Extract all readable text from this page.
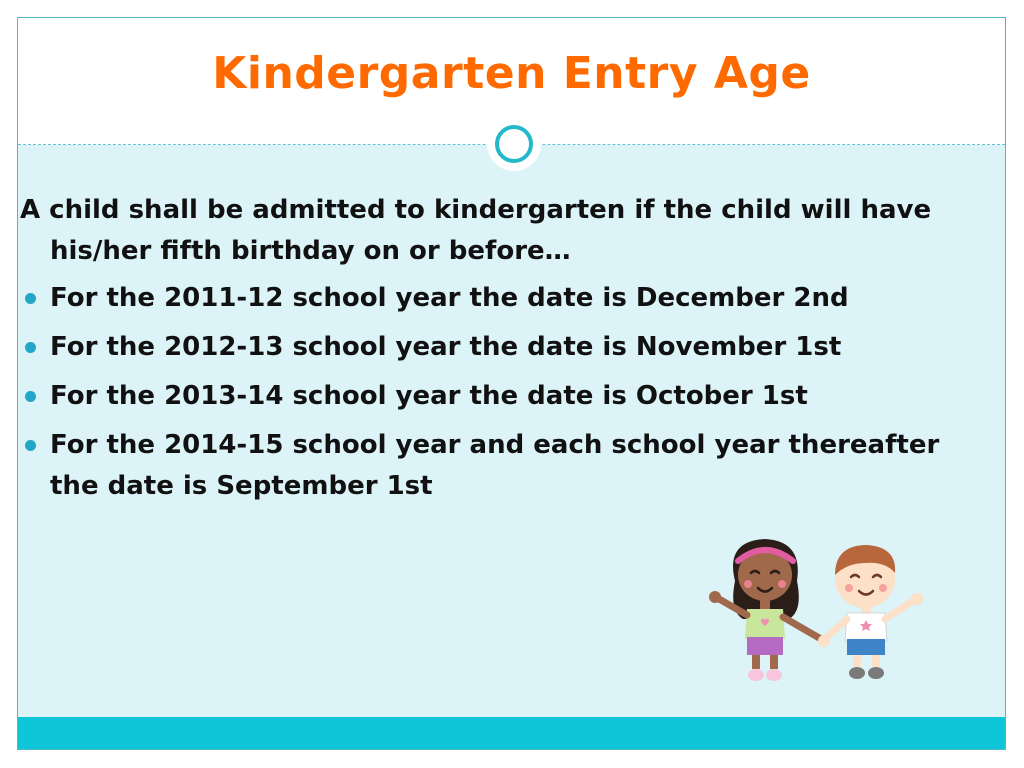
Kindergarten Entry Age

A child shall be admitted to kindergarten if the child will have his/her fifth birthday on or before…

For the 2011-12 school year the date is December 2nd
For the 2012-13 school year the date is November 1st
For the 2013-14 school year the date is October 1st
For the 2014-15 school year and each school year thereafter the date is September 1st
